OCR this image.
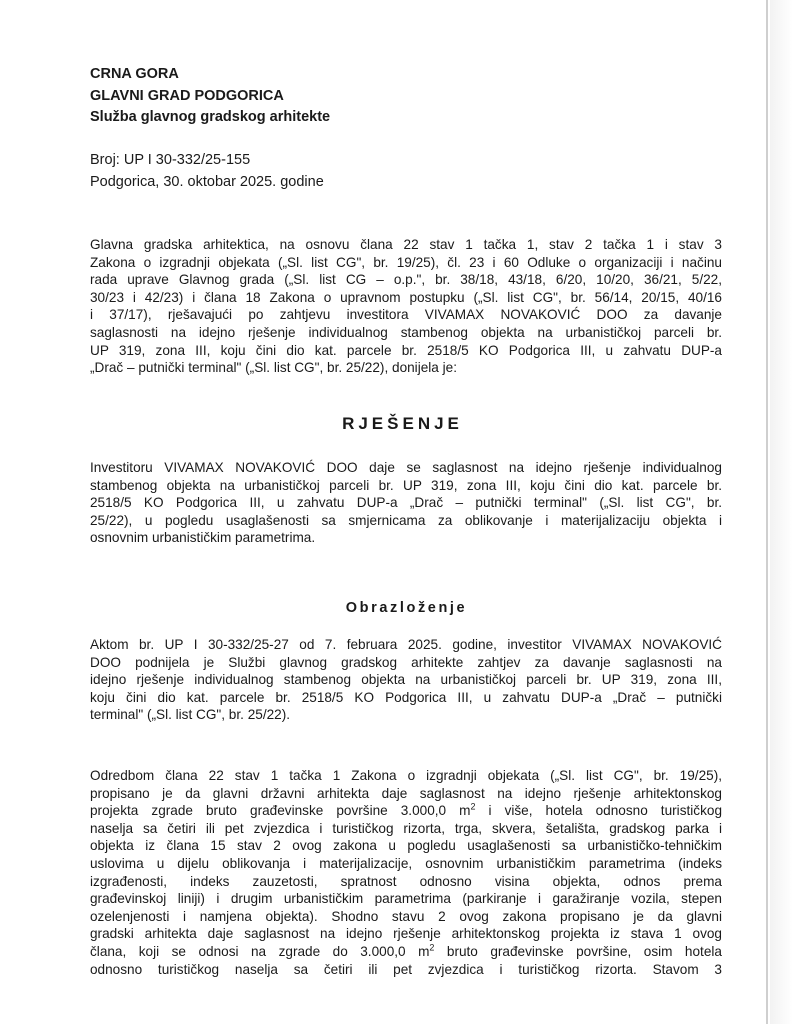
CRNA GORA
GLAVNI GRAD PODGORICA
Služba glavnog gradskog arhitekte
Broj: UP I 30-332/25-155
Podgorica, 30. oktobar 2025. godine
Glavna gradska arhitektica, na osnovu člana 22 stav 1 tačka 1, stav 2 tačka 1 i stav 3
Zakona o izgradnji objekata („Sl. list CG", br. 19/25), čl. 23 i 60 Odluke o organizaciji i načinu
rada uprave Glavnog grada („Sl. list CG – o.p.", br. 38/18, 43/18, 6/20, 10/20, 36/21, 5/22,
30/23 i 42/23) i člana 18 Zakona o upravnom postupku („Sl. list CG", br. 56/14, 20/15, 40/16
i 37/17), rješavajući po zahtjevu investitora VIVAMAX NOVAKOVIĆ DOO za davanje
saglasnosti na idejno rješenje individualnog stambenog objekta na urbanističkoj parceli br.
UP 319, zona III, koju čini dio kat. parcele br. 2518/5 KO Podgorica III, u zahvatu DUP-a
„Drač – putnički terminal" („Sl. list CG", br. 25/22), donijela je:
RJEŠENJE
Investitoru VIVAMAX NOVAKOVIĆ DOO daje se saglasnost na idejno rješenje individualnog
stambenog objekta na urbanističkoj parceli br. UP 319, zona III, koju čini dio kat. parcele br.
2518/5 KO Podgorica III, u zahvatu DUP-a „Drač – putnički terminal" („Sl. list CG", br.
25/22), u pogledu usaglašenosti sa smjernicama za oblikovanje i materijalizaciju objekta i
osnovnim urbanističkim parametrima.
Obrazloženje
Aktom br. UP I 30-332/25-27 od 7. februara 2025. godine, investitor VIVAMAX NOVAKOVIĆ
DOO podnijela je Službi glavnog gradskog arhitekte zahtjev za davanje saglasnosti na
idejno rješenje individualnog stambenog objekta na urbanističkoj parceli br. UP 319, zona III,
koju čini dio kat. parcele br. 2518/5 KO Podgorica III, u zahvatu DUP-a „Drač – putnički
terminal" („Sl. list CG", br. 25/22).
Odredbom člana 22 stav 1 tačka 1 Zakona o izgradnji objekata („Sl. list CG", br. 19/25),
propisano je da glavni državni arhitekta daje saglasnost na idejno rješenje arhitektonskog
projekta zgrade bruto građevinske površine 3.000,0 $m^2$ i više, hotela odnosno turističkog
naselja sa četiri ili pet zvjezdica i turističkog rizorta, trga, skvera, šetališta, gradskog parka i
objekta iz člana 15 stav 2 ovog zakona u pogledu usaglašenosti sa urbanističko-tehničkim
uslovima u dijelu oblikovanja i materijalizacije, osnovnim urbanističkim parametrima (indeks
izgrađenosti, indeks zauzetosti, spratnost odnosno visina objekta, odnos prema
građevinskoj liniji) i drugim urbanističkim parametrima (parkiranje i garažiranje vozila, stepen
ozelenjenosti i namjena objekta). Shodno stavu 2 ovog zakona propisano je da glavni
gradski arhitekta daje saglasnost na idejno rješenje arhitektonskog projekta iz stava 1 ovog
člana, koji se odnosi na zgrade do 3.000,0 $m^2$ bruto građevinske površine, osim hotela
odnosno turističkog naselja sa četiri ili pet zvjezdica i turističkog rizorta. Stavom 3
